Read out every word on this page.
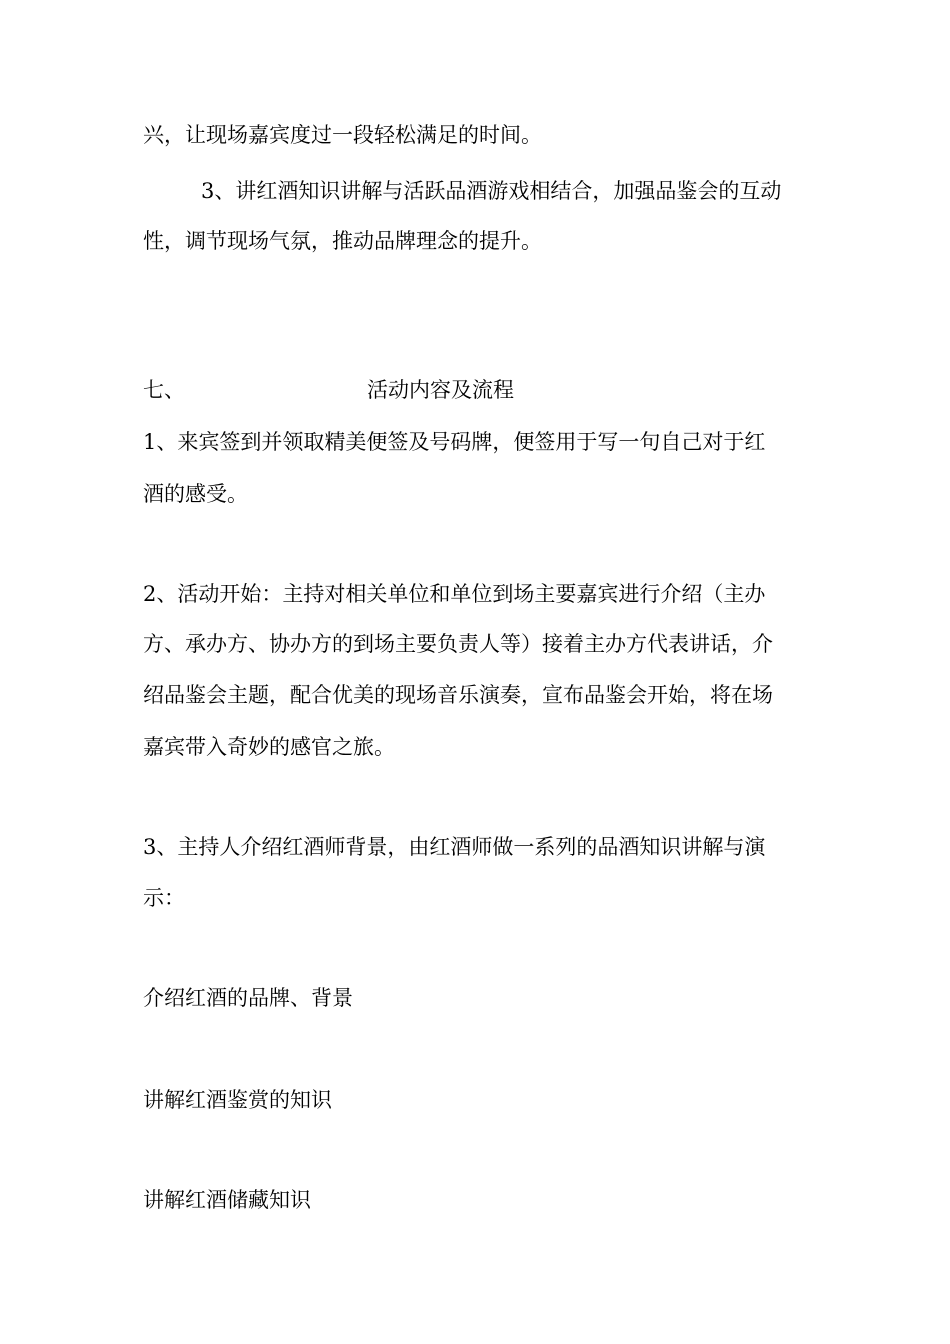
兴，让现场嘉宾度过一段轻松满足的时间。
3、讲红酒知识讲解与活跃品酒游戏相结合，加强品鉴会的互动
性，调节现场气氛，推动品牌理念的提升。
七、	活动内容及流程
1、来宾签到并领取精美便签及号码牌，便签用于写一句自己对于红
酒的感受。
2、活动开始：主持对相关单位和单位到场主要嘉宾进行介绍（主办
方、承办方、协办方的到场主要负责人等）接着主办方代表讲话，介
绍品鉴会主题，配合优美的现场音乐演奏，宣布品鉴会开始，将在场
嘉宾带入奇妙的感官之旅。
3、主持人介绍红酒师背景，由红酒师做一系列的品酒知识讲解与演
示：
介绍红酒的品牌、背景
讲解红酒鉴赏的知识
讲解红酒储藏知识
